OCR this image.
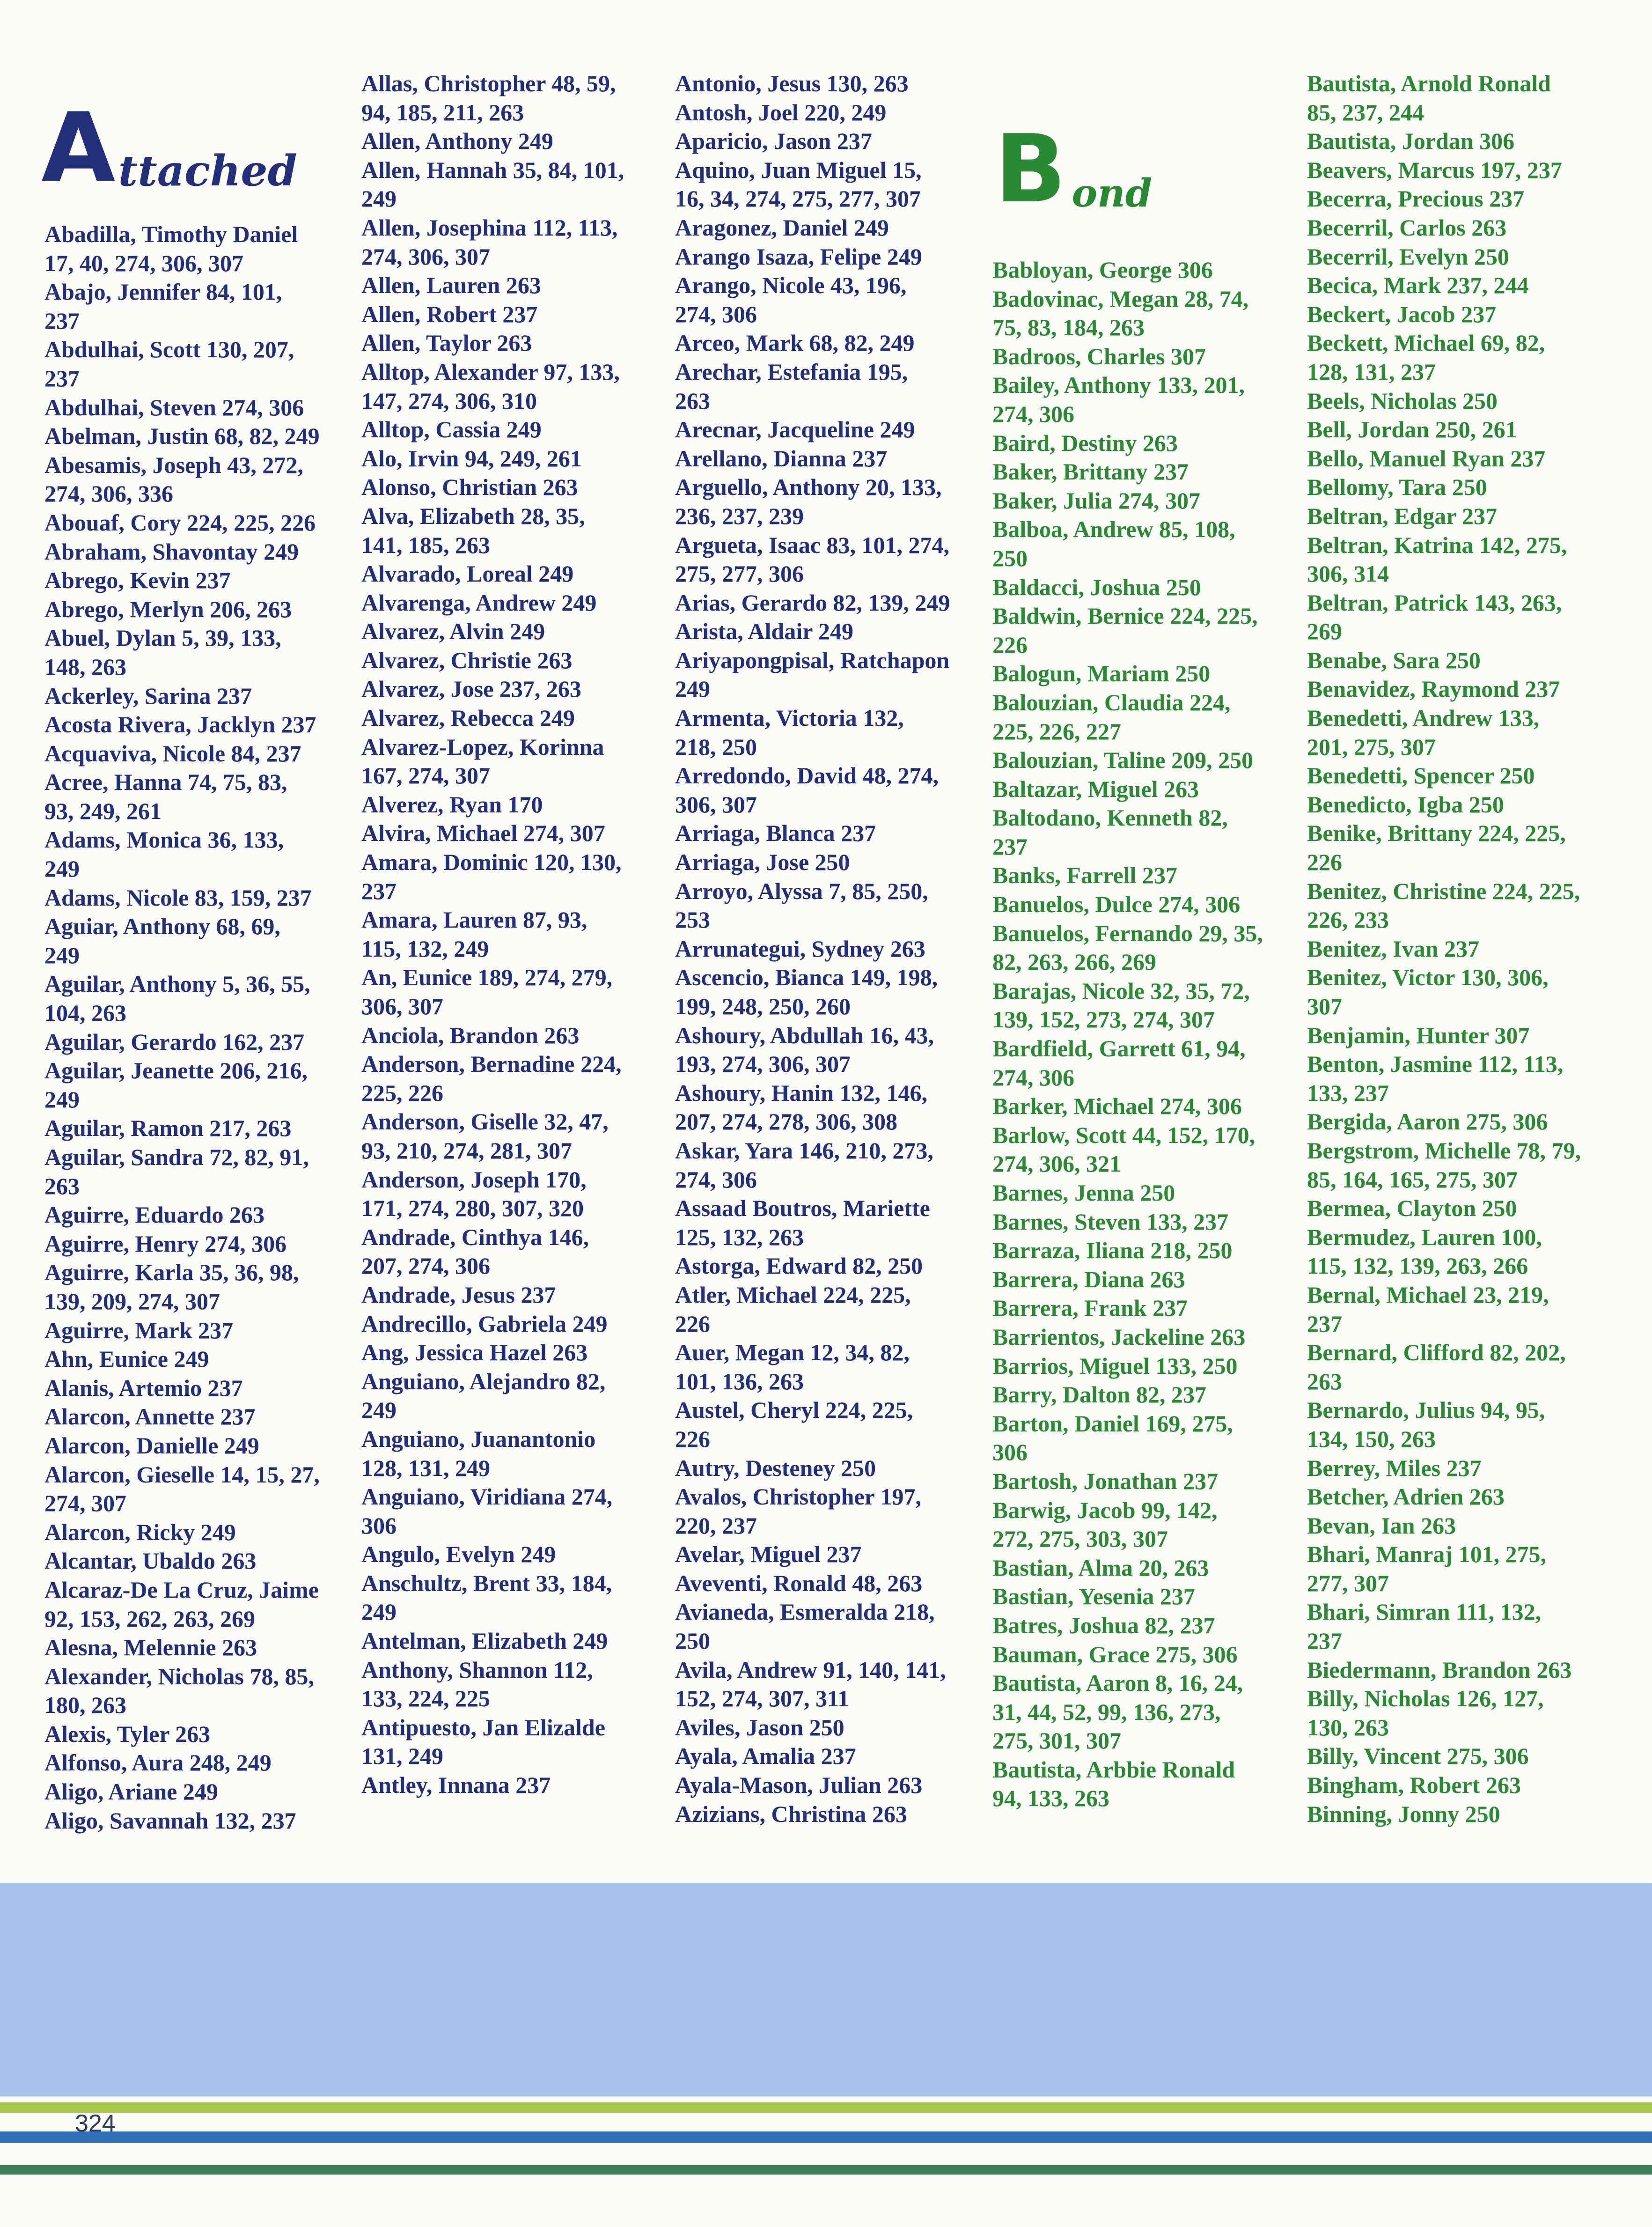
Attached	B ond
Abadilla, Timothy Daniel
17, 40, 274, 306, 307
Abajo, Jennifer 84, 101,
237
Abdulhai, Scott 130, 207,
237
Abdulhai, Steven 274, 306
Abelman, Justin 68, 82, 249
Abesamis, Joseph 43, 272,
274, 306, 336
Abouaf, Cory 224, 225, 226
Abraham, Shavontay 249
Abrego, Kevin 237
Abrego, Merlyn 206, 263
Abuel, Dylan 5, 39, 133,
148, 263
Ackerley, Sarina 237
Acosta Rivera, Jacklyn 237
Acquaviva, Nicole 84, 237
Acree, Hanna 74, 75, 83,
93, 249, 261
Adams, Monica 36, 133,
249
Adams, Nicole 83, 159, 237
Aguiar, Anthony 68, 69,
249
Aguilar, Anthony 5, 36, 55,
104, 263
Aguilar, Gerardo 162, 237
Aguilar, Jeanette 206, 216,
249
Aguilar, Ramon 217, 263
Aguilar, Sandra 72, 82, 91,
263
Aguirre, Eduardo 263
Aguirre, Henry 274, 306
Aguirre, Karla 35, 36, 98,
139, 209, 274, 307
Aguirre, Mark 237
Ahn, Eunice 249
Alanis, Artemio 237
Alarcon, Annette 237
Alarcon, Danielle 249
Alarcon, Gieselle 14, 15, 27,
274, 307
Alarcon, Ricky 249
Alcantar, Ubaldo 263
Alcaraz-De La Cruz, Jaime
92, 153, 262, 263, 269
Alesna, Melennie 263
Alexander, Nicholas 78, 85,
180, 263
Alexis, Tyler 263
Alfonso, Aura 248, 249
Aligo, Ariane 249
Aligo, Savannah 132, 237
Allas, Christopher 48, 59,
94, 185, 211, 263
Allen, Anthony 249
Allen, Hannah 35, 84, 101,
249
Allen, Josephina 112, 113,
274, 306, 307
Allen, Lauren 263
Allen, Robert 237
Allen, Taylor 263
Alltop, Alexander 97, 133,
147, 274, 306, 310
Alltop, Cassia 249
Alo, Irvin 94, 249, 261
Alonso, Christian 263
Alva, Elizabeth 28, 35,
141, 185, 263
Alvarado, Loreal 249
Alvarenga, Andrew 249
Alvarez, Alvin 249
Alvarez, Christie 263
Alvarez, Jose 237, 263
Alvarez, Rebecca 249
Alvarez-Lopez, Korinna
167, 274, 307
Alverez, Ryan 170
Alvira, Michael 274, 307
Amara, Dominic 120, 130,
237
Amara, Lauren 87, 93,
115, 132, 249
An, Eunice 189, 274, 279,
306, 307
Anciola, Brandon 263
Anderson, Bernadine 224,
225, 226
Anderson, Giselle 32, 47,
93, 210, 274, 281, 307
Anderson, Joseph 170,
171, 274, 280, 307, 320
Andrade, Cinthya 146,
207, 274, 306
Andrade, Jesus 237
Andrecillo, Gabriela 249
Ang, Jessica Hazel 263
Anguiano, Alejandro 82,
249
Anguiano, Juanantonio
128, 131, 249
Anguiano, Viridiana 274,
306
Angulo, Evelyn 249
Anschultz, Brent 33, 184,
249
Antelman, Elizabeth 249
Anthony, Shannon 112,
133, 224, 225
Antipuesto, Jan Elizalde
131, 249
Antley, Innana 237
Antonio, Jesus 130, 263
Antosh, Joel 220, 249
Aparicio, Jason 237
Aquino, Juan Miguel 15,
16, 34, 274, 275, 277, 307
Aragonez, Daniel 249
Arango Isaza, Felipe 249
Arango, Nicole 43, 196,
274, 306
Arceo, Mark 68, 82, 249
Arechar, Estefania 195,
263
Arecnar, Jacqueline 249
Arellano, Dianna 237
Arguello, Anthony 20, 133,
236, 237, 239
Argueta, Isaac 83, 101, 274,
275, 277, 306
Arias, Gerardo 82, 139, 249
Arista, Aldair 249
Ariyapongpisal, Ratchapon
249
Armenta, Victoria 132,
218, 250
Arredondo, David 48, 274,
306, 307
Arriaga, Blanca 237
Arriaga, Jose 250
Arroyo, Alyssa 7, 85, 250,
253
Arrunategui, Sydney 263
Ascencio, Bianca 149, 198,
199, 248, 250, 260
Ashoury, Abdullah 16, 43,
193, 274, 306, 307
Ashoury, Hanin 132, 146,
207, 274, 278, 306, 308
Askar, Yara 146, 210, 273,
274, 306
Assaad Boutros, Mariette
125, 132, 263
Astorga, Edward 82, 250
Atler, Michael 224, 225,
226
Auer, Megan 12, 34, 82,
101, 136, 263
Austel, Cheryl 224, 225,
226
Autry, Desteney 250
Avalos, Christopher 197,
220, 237
Avelar, Miguel 237
Aveventi, Ronald 48, 263
Avianeda, Esmeralda 218,
250
Avila, Andrew 91, 140, 141,
152, 274, 307, 311
Aviles, Jason 250
Ayala, Amalia 237
Ayala-Mason, Julian 263
Azizians, Christina 263
Babloyan, George 306
Badovinac, Megan 28, 74,
75, 83, 184, 263
Badroos, Charles 307
Bailey, Anthony 133, 201,
274, 306
Baird, Destiny 263
Baker, Brittany 237
Baker, Julia 274, 307
Balboa, Andrew 85, 108,
250
Baldacci, Joshua 250
Baldwin, Bernice 224, 225,
226
Balogun, Mariam 250
Balouzian, Claudia 224,
225, 226, 227
Balouzian, Taline 209, 250
Baltazar, Miguel 263
Baltodano, Kenneth 82,
237
Banks, Farrell 237
Banuelos, Dulce 274, 306
Banuelos, Fernando 29, 35,
82, 263, 266, 269
Barajas, Nicole 32, 35, 72,
139, 152, 273, 274, 307
Bardfield, Garrett 61, 94,
274, 306
Barker, Michael 274, 306
Barlow, Scott 44, 152, 170,
274, 306, 321
Barnes, Jenna 250
Barnes, Steven 133, 237
Barraza, Iliana 218, 250
Barrera, Diana 263
Barrera, Frank 237
Barrientos, Jackeline 263
Barrios, Miguel 133, 250
Barry, Dalton 82, 237
Barton, Daniel 169, 275,
306
Bartosh, Jonathan 237
Barwig, Jacob 99, 142,
272, 275, 303, 307
Bastian, Alma 20, 263
Bastian, Yesenia 237
Batres, Joshua 82, 237
Bauman, Grace 275, 306
Bautista, Aaron 8, 16, 24,
31, 44, 52, 99, 136, 273,
275, 301, 307
Bautista, Arbbie Ronald
94, 133, 263
Bautista, Arnold Ronald
85, 237, 244
Bautista, Jordan 306
Beavers, Marcus 197, 237
Becerra, Precious 237
Becerril, Carlos 263
Becerril, Evelyn 250
Becica, Mark 237, 244
Beckert, Jacob 237
Beckett, Michael 69, 82,
128, 131, 237
Beels, Nicholas 250
Bell, Jordan 250, 261
Bello, Manuel Ryan 237
Bellomy, Tara 250
Beltran, Edgar 237
Beltran, Katrina 142, 275,
306, 314
Beltran, Patrick 143, 263,
269
Benabe, Sara 250
Benavidez, Raymond 237
Benedetti, Andrew 133,
201, 275, 307
Benedetti, Spencer 250
Benedicto, Igba 250
Benike, Brittany 224, 225,
226
Benitez, Christine 224, 225,
226, 233
Benitez, Ivan 237
Benitez, Victor 130, 306,
307
Benjamin, Hunter 307
Benton, Jasmine 112, 113,
133, 237
Bergida, Aaron 275, 306
Bergstrom, Michelle 78, 79,
85, 164, 165, 275, 307
Bermea, Clayton 250
Bermudez, Lauren 100,
115, 132, 139, 263, 266
Bernal, Michael 23, 219,
237
Bernard, Clifford 82, 202,
263
Bernardo, Julius 94, 95,
134, 150, 263
Berrey, Miles 237
Betcher, Adrien 263
Bevan, Ian 263
Bhari, Manraj 101, 275,
277, 307
Bhari, Simran 111, 132,
237
Biedermann, Brandon 263
Billy, Nicholas 126, 127,
130, 263
Billy, Vincent 275, 306
Bingham, Robert 263
Binning, Jonny 250
324
